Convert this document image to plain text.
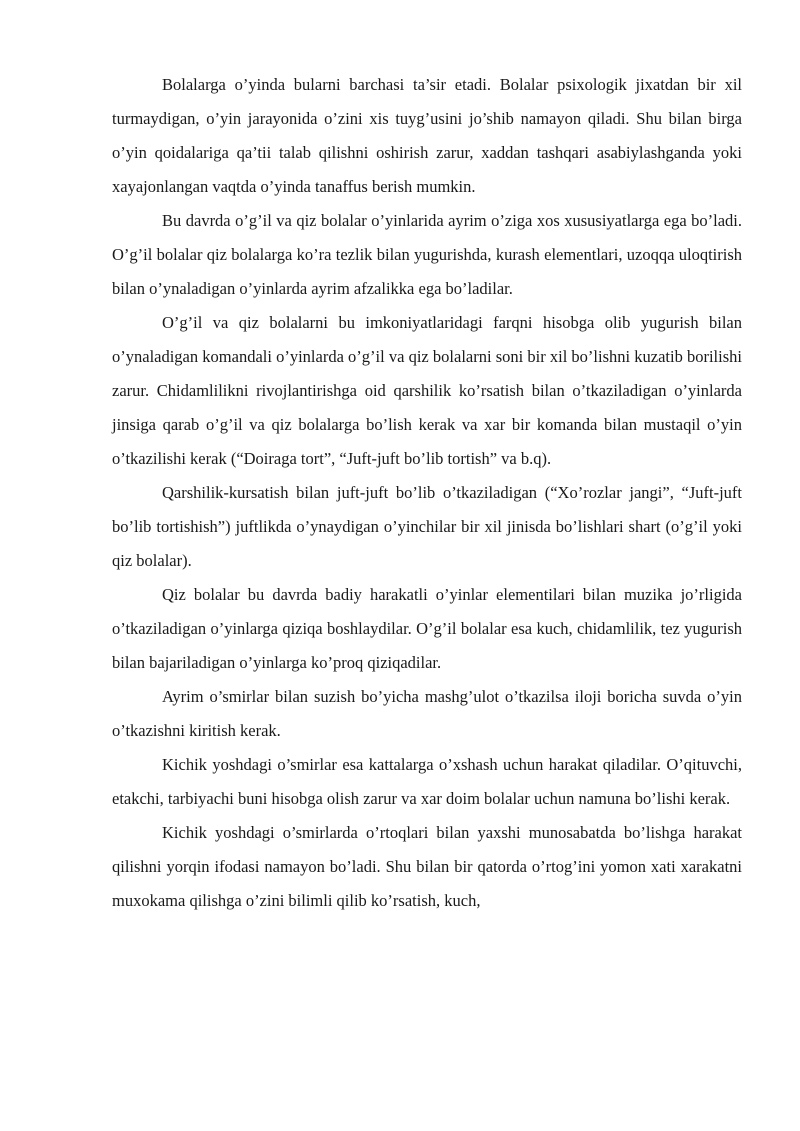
Bolalarga o’yinda bularni barchasi ta’sir etadi. Bolalar psixologik jixatdan bir xil turmaydigan, o’yin jarayonida o’zini xis tuyg’usini jo’shib namayon qiladi. Shu bilan birga o’yin qoidalariga qa’tii talab qilishni oshirish zarur, xaddan tashqari asabiylashganda yoki xayajonlangan vaqtda o’yinda tanaffus berish mumkin.

Bu davrda o’g’il va qiz bolalar o’yinlarida ayrim o’ziga xos xususiyatlarga ega bo’ladi. O’g’il bolalar qiz bolalarga ko’ra tezlik bilan yugurishda, kurash elementlari, uzoqqa uloqtirish bilan o’ynaladigan o’yinlarda ayrim afzalikka ega bo’ladilar.

O’g’il va qiz bolalarni bu imkoniyatlaridagi farqni hisobga olib yugurish bilan o’ynaladigan komandali o’yinlarda o’g’il va qiz bolalarni soni bir xil bo’lishni kuzatib borilishi zarur. Chidamlilikni rivojlantirishga oid qarshilik ko’rsatish bilan o’tkaziladigan o’yinlarda jinsiga qarab o’g’il va qiz bolalarga bo’lish kerak va xar bir komanda bilan mustaqil o’yin o’tkazilishi kerak (“Doiraga tort”, “Juft-juft bo’lib tortish” va b.q).

Qarshilik-kursatish bilan juft-juft bo’lib o’tkaziladigan (“Xo’rozlar jangi”, “Juft-juft bo’lib tortishish”) juftlikda o’ynaydigan o’yinchilar bir xil jinisda bo’lishlari shart (o’g’il yoki qiz bolalar).

Qiz bolalar bu davrda badiy harakatli o’yinlar elementilari bilan muzika jo’rligida o’tkaziladigan o’yinlarga qiziqa boshlaydilar. O’g’il bolalar esa kuch, chidamlilik, tez yugurish bilan bajariladigan o’yinlarga ko’proq qiziqadilar.

Ayrim o’smirlar bilan suzish bo’yicha mashg’ulot o’tkazilsa iloji boricha suvda o’yin o’tkazishni kiritish kerak.

Kichik yoshdagi o’smirlar esa kattalarga o’xshash uchun harakat qiladilar. O’qituvchi, etakchi, tarbiyachi buni hisobga olish zarur va xar doim bolalar uchun namuna bo’lishi kerak.

Kichik yoshdagi o’smirlarda o’rtoqlari bilan yaxshi munosabatda bo’lishga harakat qilishni yorqin ifodasi namayon bo’ladi. Shu bilan bir qatorda o’rtog’ini yomon xati xarakatni muxokama qilishga o’zini bilimli qilib ko’rsatish, kuch,
